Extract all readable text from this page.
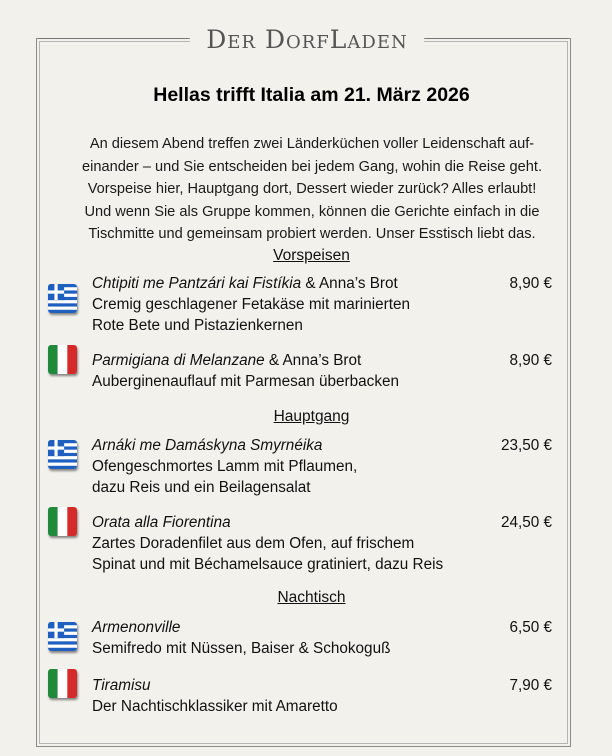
Der DorfLaden
Hellas trifft Italia am 21. März 2026
An diesem Abend treffen zwei Länderküchen voller Leidenschaft auf-
einander – und Sie entscheiden bei jedem Gang, wohin die Reise geht.
Vorspeise hier, Hauptgang dort, Dessert wieder zurück? Alles erlaubt!
Und wenn Sie als Gruppe kommen, können die Gerichte einfach in die
Tischmitte und gemeinsam probiert werden. Unser Esstisch liebt das.
Vorspeisen
Chtipiti me Pantzári kai Fistíkia & Anna’s Brot	8,90 €
Cremig geschlagener Fetakäse mit marinierten
Rote Bete und Pistazienkernen
Parmigiana di Melanzane & Anna’s Brot	8,90 €
Auberginenauflauf mit Parmesan überbacken
Hauptgang
Arnáki me Damáskyna Smyrnéika	23,50 €
Ofengeschmortes Lamm mit Pflaumen,
dazu Reis und ein Beilagensalat
Orata alla Fiorentina	24,50 €
Zartes Doradenfilet aus dem Ofen, auf frischem
Spinat und mit Béchamelsauce gratiniert, dazu Reis
Nachtisch
Armenonville	6,50 €
Semifredo mit Nüssen, Baiser & Schokoguß
Tiramisu	7,90 €
Der Nachtischklassiker mit Amaretto
